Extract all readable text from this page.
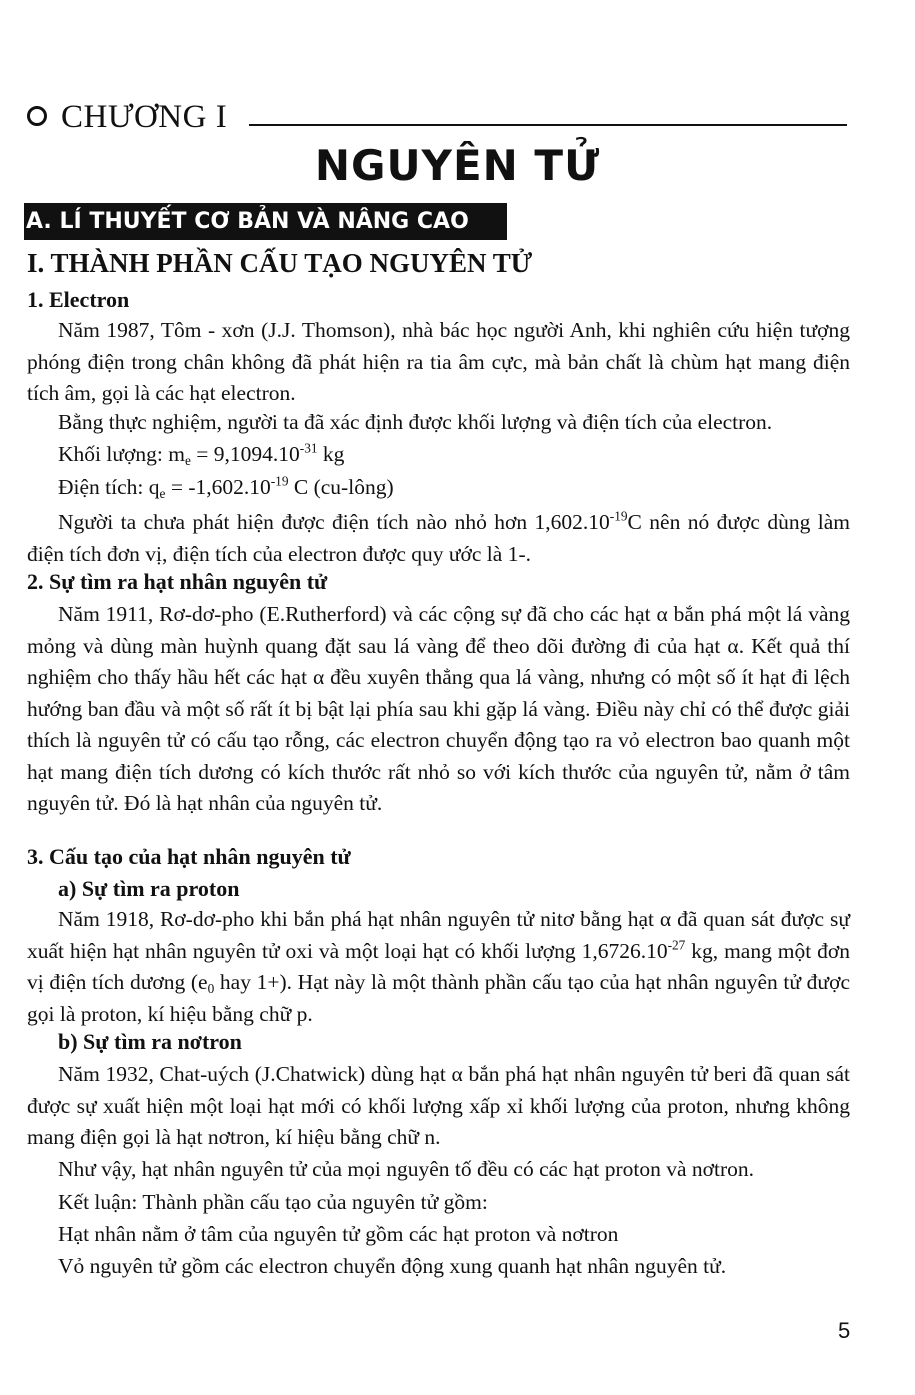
CHƯƠNG I
NGUYÊN TỬ
A. LÍ THUYẾT CƠ BẢN VÀ NÂNG CAO
I. THÀNH PHẦN CẤU TẠO NGUYÊN TỬ
1. Electron
Năm 1987, Tôm - xơn (J.J. Thomson), nhà bác học người Anh, khi nghiên cứu hiện tượng phóng điện trong chân không đã phát hiện ra tia âm cực, mà bản chất là chùm hạt mang điện tích âm, gọi là các hạt electron.
Bằng thực nghiệm, người ta đã xác định được khối lượng và điện tích của electron.
Khối lượng: $m_e = 9,1094.10^{-31}$ kg
Điện tích: $q_e = -1,602.10^{-19}$ C (cu-lông)
Người ta chưa phát hiện được điện tích nào nhỏ hơn $1,602.10^{-19}C$ nên nó được dùng làm điện tích đơn vị, điện tích của electron được quy ước là 1-.
2. Sự tìm ra hạt nhân nguyên tử
Năm 1911, Rơ-dơ-pho (E.Rutherford) và các cộng sự đã cho các hạt α bắn phá một lá vàng mỏng và dùng màn huỳnh quang đặt sau lá vàng để theo dõi đường đi của hạt α. Kết quả thí nghiệm cho thấy hầu hết các hạt α đều xuyên thẳng qua lá vàng, nhưng có một số ít hạt đi lệch hướng ban đầu và một số rất ít bị bật lại phía sau khi gặp lá vàng. Điều này chỉ có thể được giải thích là nguyên tử có cấu tạo rỗng, các electron chuyển động tạo ra vỏ electron bao quanh một hạt mang điện tích dương có kích thước rất nhỏ so với kích thước của nguyên tử, nằm ở tâm nguyên tử. Đó là hạt nhân của nguyên tử.
3. Cấu tạo của hạt nhân nguyên tử
a) Sự tìm ra proton
Năm 1918, Rơ-dơ-pho khi bắn phá hạt nhân nguyên tử nitơ bằng hạt α đã quan sát được sự xuất hiện hạt nhân nguyên tử oxi và một loại hạt có khối lượng $1,6726.10^{-27}$ kg, mang một đơn vị điện tích dương ($e_0$ hay 1+). Hạt này là một thành phần cấu tạo của hạt nhân nguyên tử được gọi là proton, kí hiệu bằng chữ p.
b) Sự tìm ra nơtron
Năm 1932, Chat-uých (J.Chatwick) dùng hạt α bắn phá hạt nhân nguyên tử beri đã quan sát được sự xuất hiện một loại hạt mới có khối lượng xấp xỉ khối lượng của proton, nhưng không mang điện gọi là hạt nơtron, kí hiệu bằng chữ n.
Như vậy, hạt nhân nguyên tử của mọi nguyên tố đều có các hạt proton và nơtron.
Kết luận: Thành phần cấu tạo của nguyên tử gồm:
Hạt nhân nằm ở tâm của nguyên tử gồm các hạt proton và nơtron
Vỏ nguyên tử gồm các electron chuyển động xung quanh hạt nhân nguyên tử.
5
